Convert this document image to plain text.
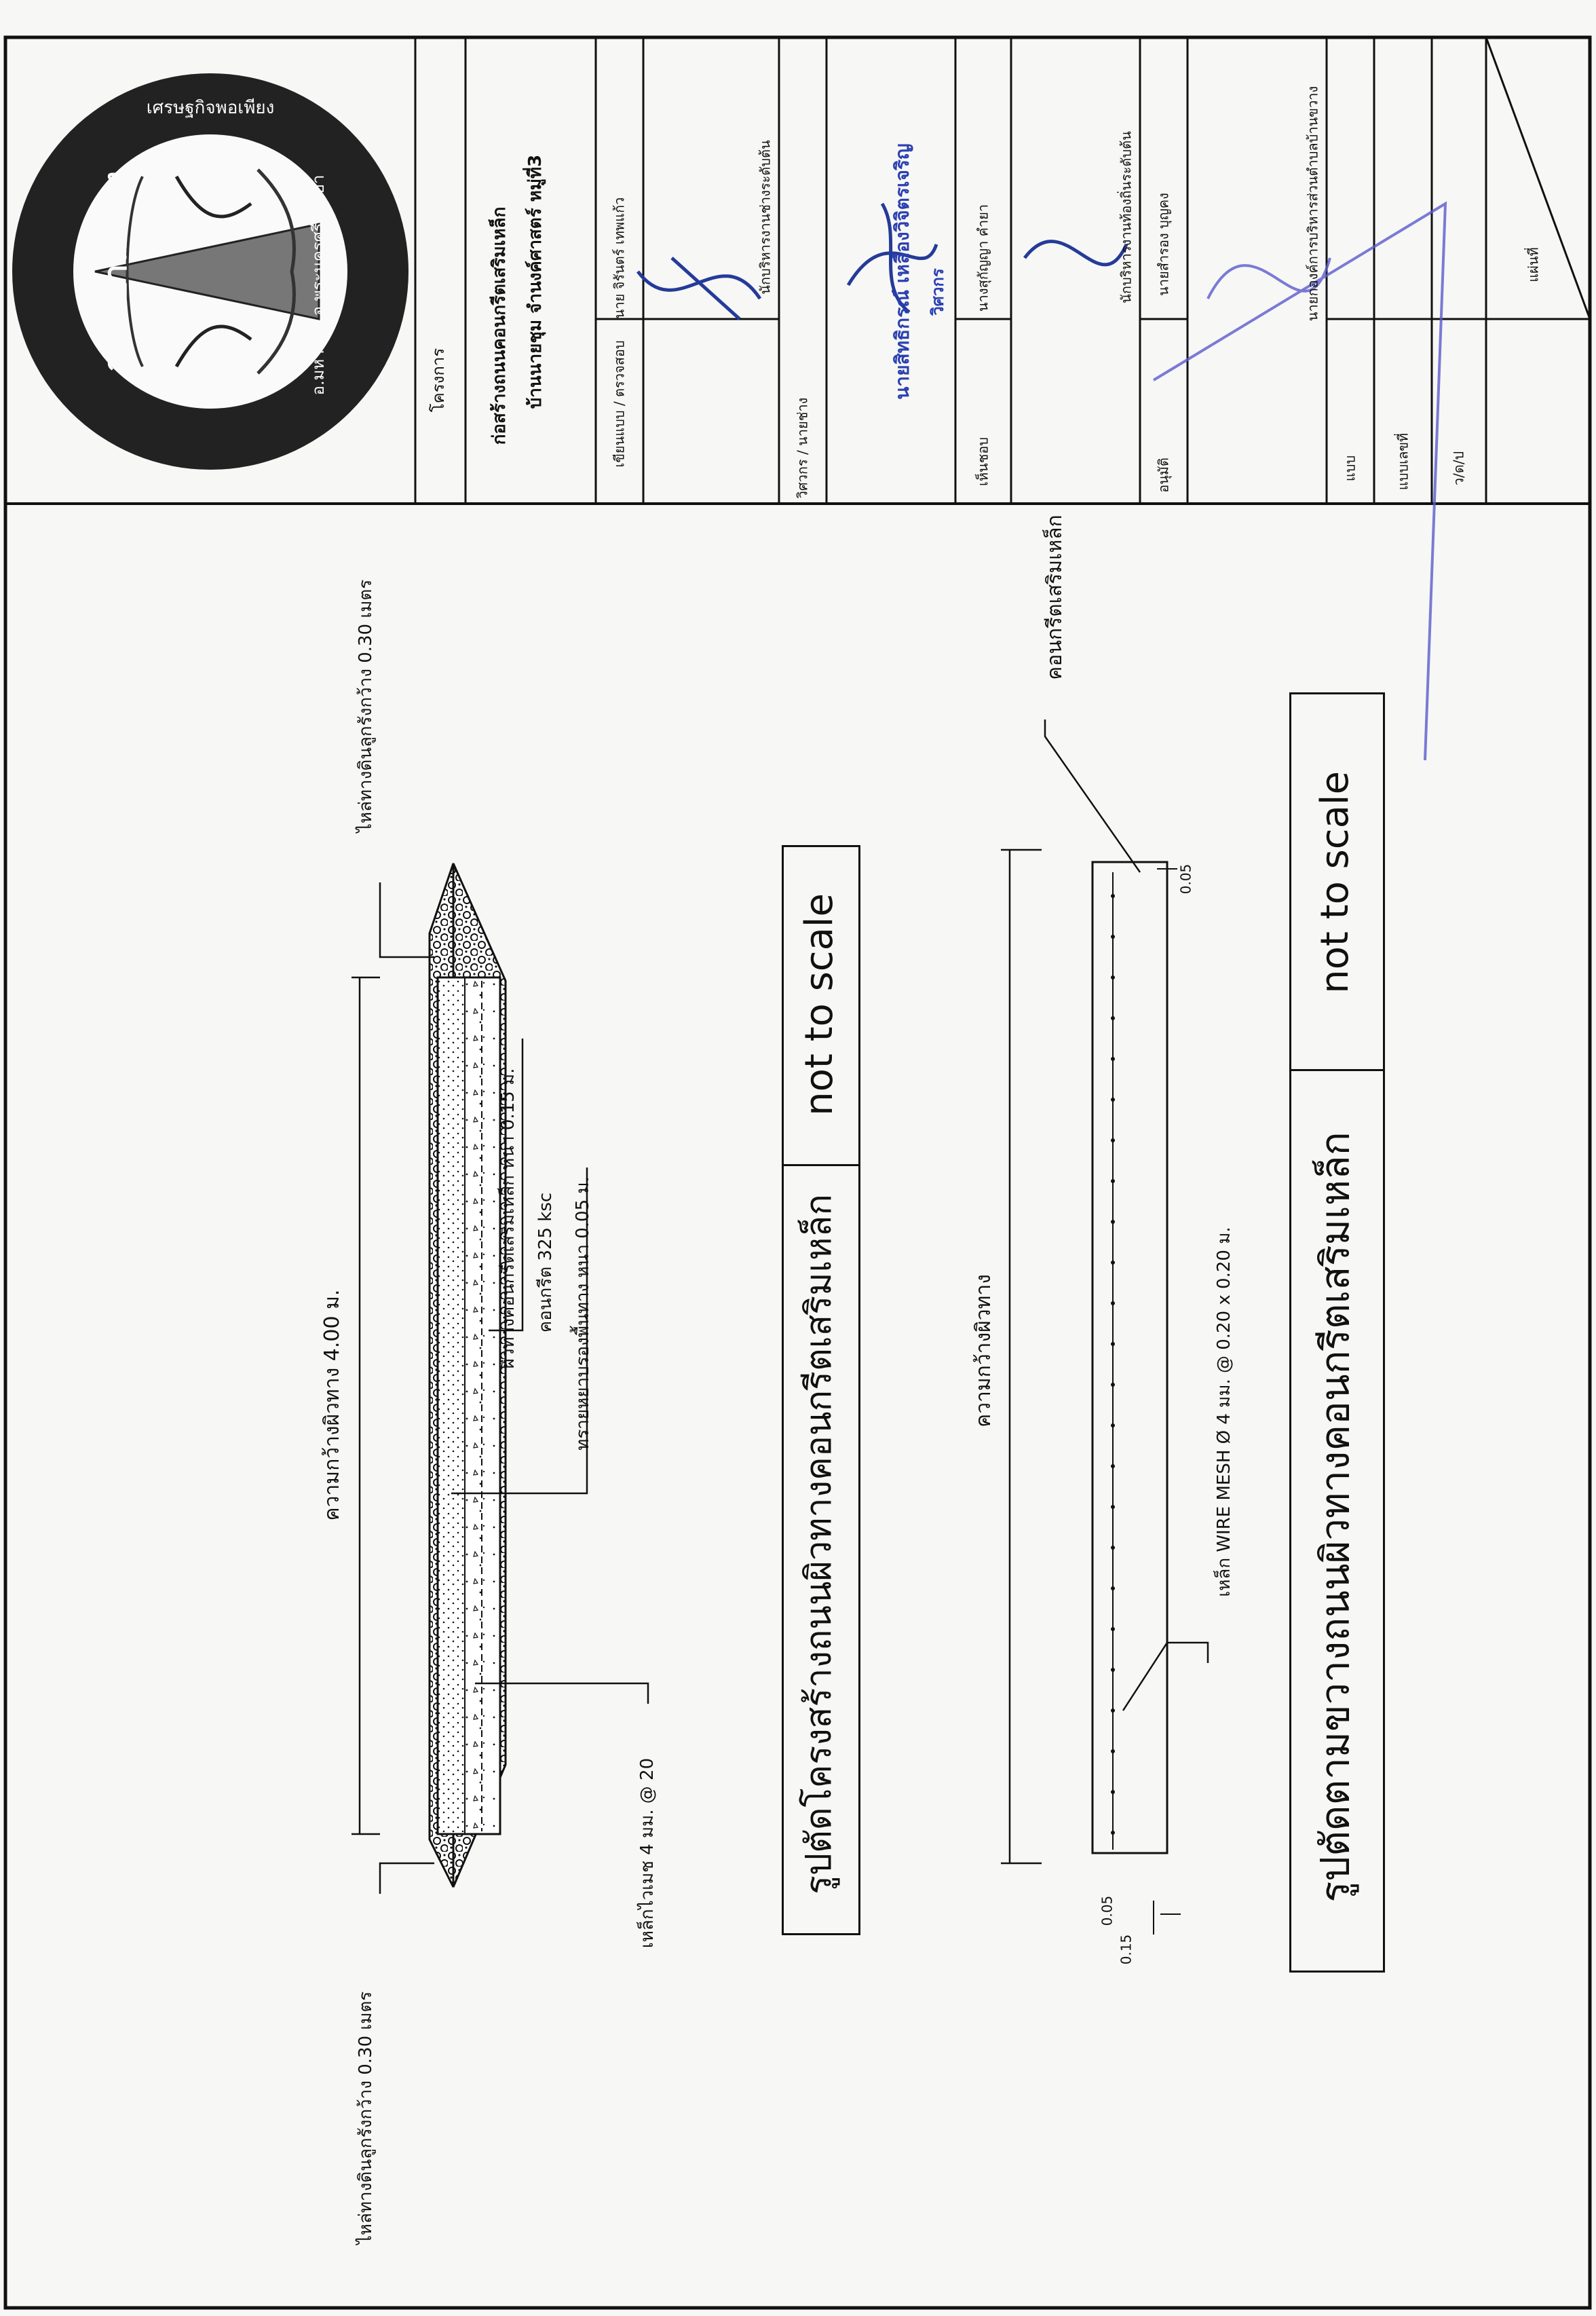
โครงการ ก่อสร้างถนนคอนกรีตเสริมเหล็ก บ้านนายชุม จำนงค์ศาสตร์ หมู่ที่3	เขียนแบบ / ตรวจสอบ
นาย จิรันตร์ เทพแก้ว	นักบริหารงานช่างระดับต้น
วิศวกร / นายช่าง
นายสิทธิกรณ์ เหลืองวิจิตรเจริญ วิศวกร
เห็นชอบ
นางสุกัญญา คำยา	นักบริหารงานท้องถิ่นระดับต้น
อนุมัติ
นายสำรอง บุญคง	นายกองค์การบริหารส่วนตำบลบ้านขวาง
แบบ	แบบเลขที่	ว/ด/ป
แผ่นที่
อบต.บ้านขวาง
เศรษฐกิจพอเพียง
อ.มหาราช จ.พระนครศรีอยุธยา
ความกว้างผิวทาง 4.00 ม.
ไหล่ทางดินลูกรังกว้าง 0.30 เมตร
ไหล่ทางดินลูกรังกว้าง 0.30 เมตร
ผิวทางคอนกรีตเสริมเหล็ก หนา 0.15 ม. คอนกรีต 325 ksc ทรายหยาบรองพื้นทาง หนา 0.05 ม.
เหล็กไวเมช 4 มม. @ 20	รูปตัดโครงสร้างถนนผิวทางคอนกรีตเสริมเหล็ก
not to scale
ความกว้างผิวทาง
คอนกรีตเสริมเหล็ก
0.05
0.05
0.15
เหล็ก WIRE MESH Ø 4 มม. @ 0.20 x 0.20 ม. รูปตัดตามขวางถนนผิวทางคอนกรีตเสริมเหล็ก
not to scale
